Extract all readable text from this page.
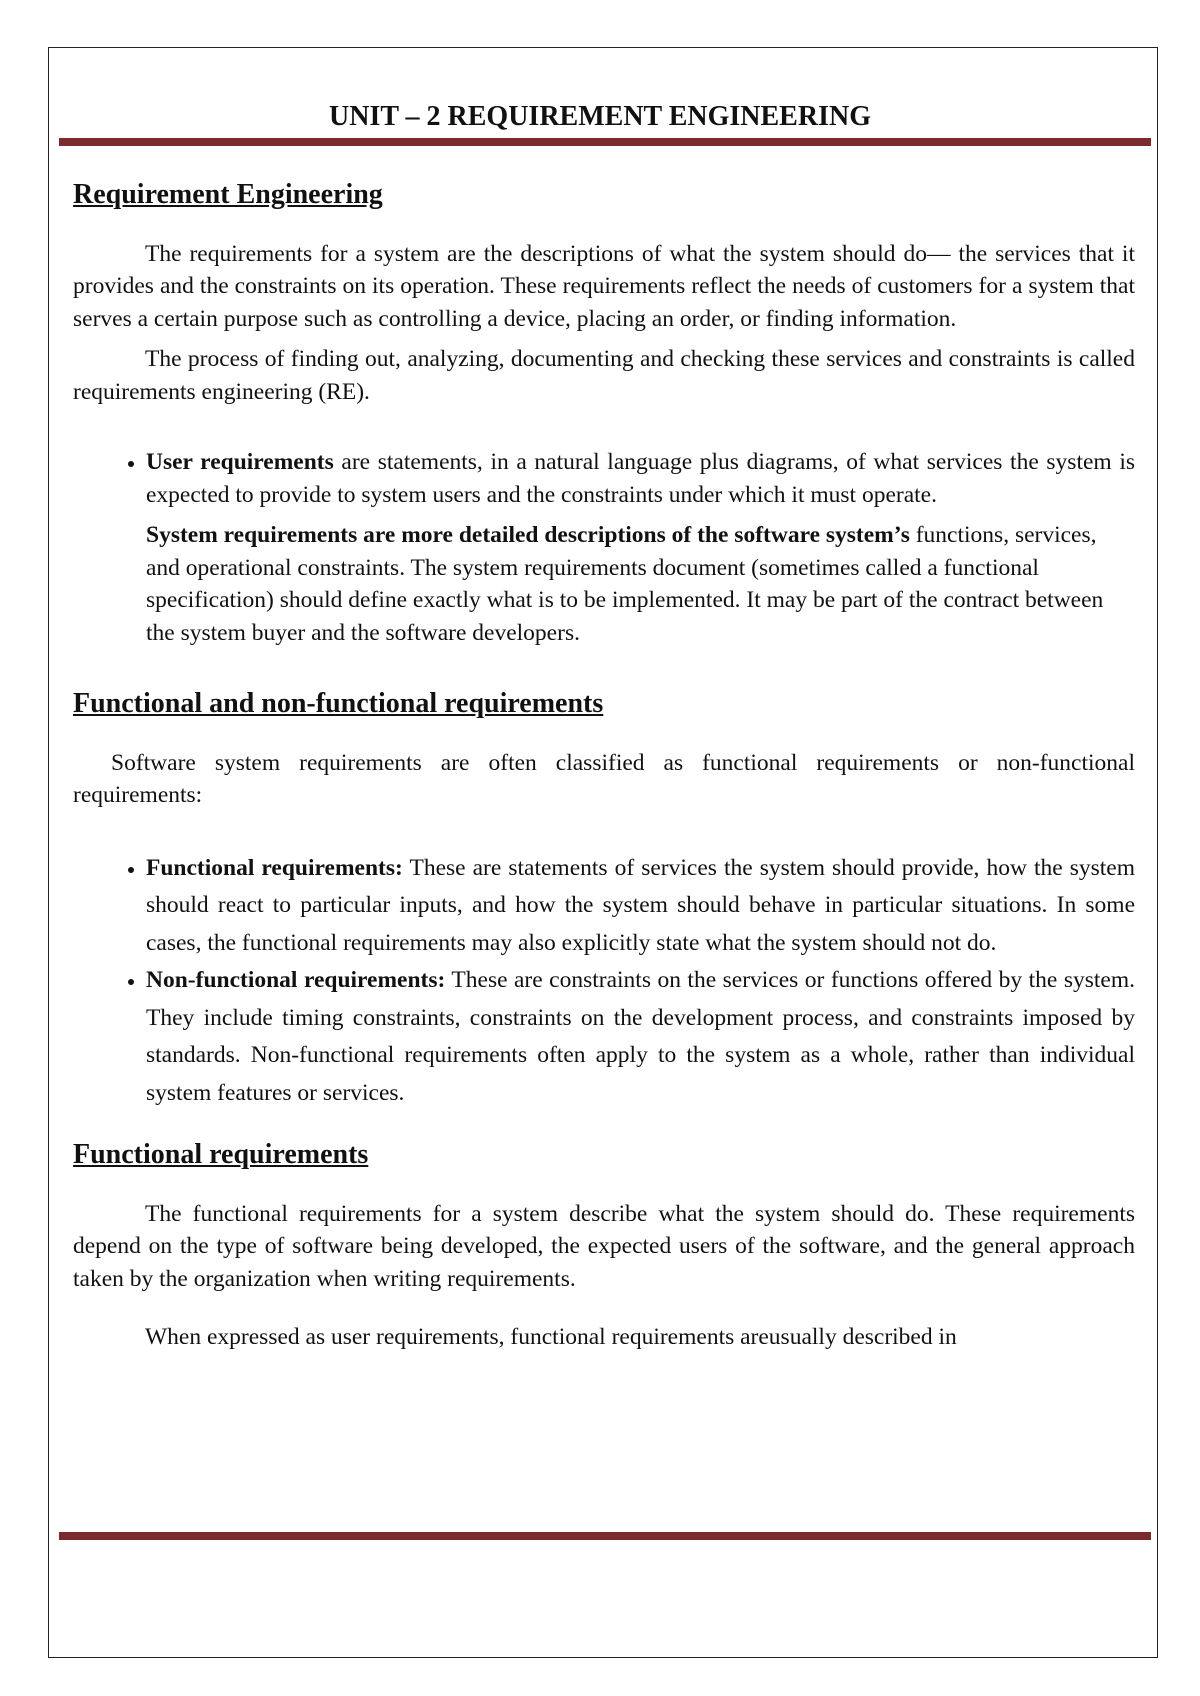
UNIT – 2 REQUIREMENT ENGINEERING
Requirement Engineering

The requirements for a system are the descriptions of what the system should do— the services that it provides and the constraints on its operation. These requirements reflect the needs of customers for a system that serves a certain purpose such as controlling a device, placing an order, or finding information.

The process of finding out, analyzing, documenting and checking these services and constraints is called requirements engineering (RE).

• User requirements are statements, in a natural language plus diagrams, of what services the system is expected to provide to system users and the constraints under which it must operate.

System requirements are more detailed descriptions of the software system’s functions, services, and operational constraints. The system requirements document (sometimes called a functional specification) should define exactly what is to be implemented. It may be part of the contract between the system buyer and the software developers.

Functional and non-functional requirements

Software system requirements are often classified as functional requirements or non-functional requirements:

• Functional requirements: These are statements of services the system should provide, how the system should react to particular inputs, and how the system should behave in particular situations. In some cases, the functional requirements may also explicitly state what the system should not do.
• Non-functional requirements: These are constraints on the services or functions offered by the system. They include timing constraints, constraints on the development process, and constraints imposed by standards. Non-functional requirements often apply to the system as a whole, rather than individual system features or services.
Functional requirements

The functional requirements for a system describe what the system should do. These requirements depend on the type of software being developed, the expected users of the software, and the general approach taken by the organization when writing requirements.

When expressed as user requirements, functional requirements areusually described in
